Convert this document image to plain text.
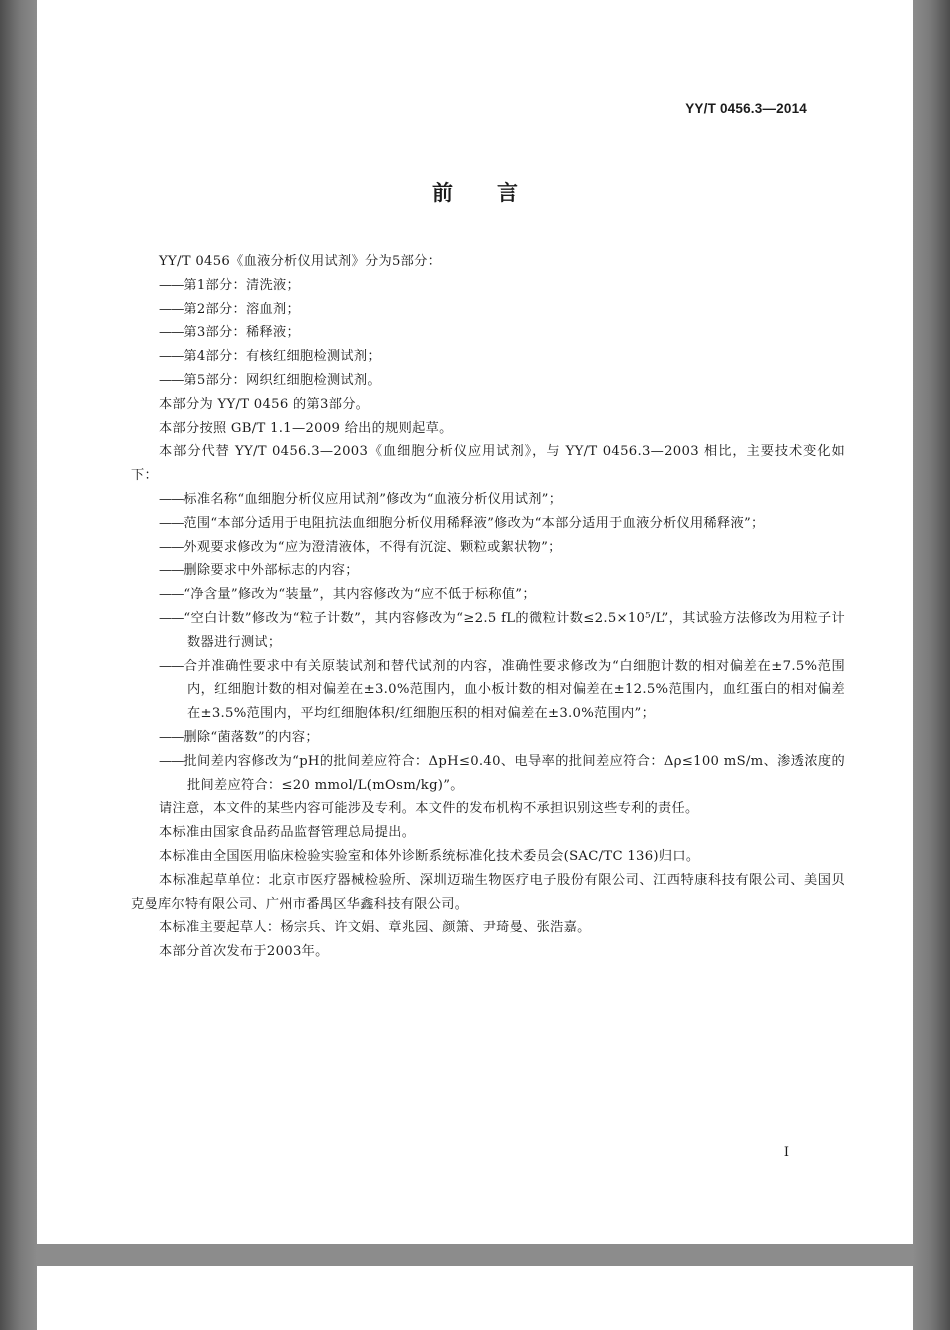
YY/T 0456.3—2014
前言

YY/T 0456《血液分析仪用试剂》分为5部分：

——第1部分：清洗液；

——第2部分：溶血剂；

——第3部分：稀释液；

——第4部分：有核红细胞检测试剂；

——第5部分：网织红细胞检测试剂。

本部分为 YY/T 0456 的第3部分。

本部分按照 GB/T 1.1—2009 给出的规则起草。

本部分代替 YY/T 0456.3—2003《血细胞分析仪应用试剂》，与 YY/T 0456.3—2003 相比，主要技术变化如下：

——标准名称“血细胞分析仪应用试剂”修改为“血液分析仪用试剂”；

——范围“本部分适用于电阻抗法血细胞分析仪用稀释液”修改为“本部分适用于血液分析仪用稀释液”；

——外观要求修改为“应为澄清液体，不得有沉淀、颗粒或絮状物”；

——删除要求中外部标志的内容；

——“净含量”修改为“装量”，其内容修改为“应不低于标称值”；

——“空白计数”修改为“粒子计数”，其内容修改为“≥2.5 fL的微粒计数≤2.5×10⁵/L”，其试验方法修改为用粒子计数器进行测试；

——合并准确性要求中有关原装试剂和替代试剂的内容，准确性要求修改为“白细胞计数的相对偏差在±7.5%范围内，红细胞计数的相对偏差在±3.0%范围内，血小板计数的相对偏差在±12.5%范围内，血红蛋白的相对偏差在±3.5%范围内，平均红细胞体积/红细胞压积的相对偏差在±3.0%范围内”；

——删除“菌落数”的内容；

——批间差内容修改为“pH的批间差应符合：ΔpH≤0.40、电导率的批间差应符合：Δρ≤100 mS/m、渗透浓度的批间差应符合：≤20 mmol/L(mOsm/kg)”。

请注意，本文件的某些内容可能涉及专利。本文件的发布机构不承担识别这些专利的责任。

本标准由国家食品药品监督管理总局提出。

本标准由全国医用临床检验实验室和体外诊断系统标准化技术委员会(SAC/TC 136)归口。

本标准起草单位：北京市医疗器械检验所、深圳迈瑞生物医疗电子股份有限公司、江西特康科技有限公司、美国贝克曼库尔特有限公司、广州市番禺区华鑫科技有限公司。

本标准主要起草人：杨宗兵、许文娟、章兆园、颜箫、尹琦曼、张浩嘉。

本部分首次发布于2003年。

I
